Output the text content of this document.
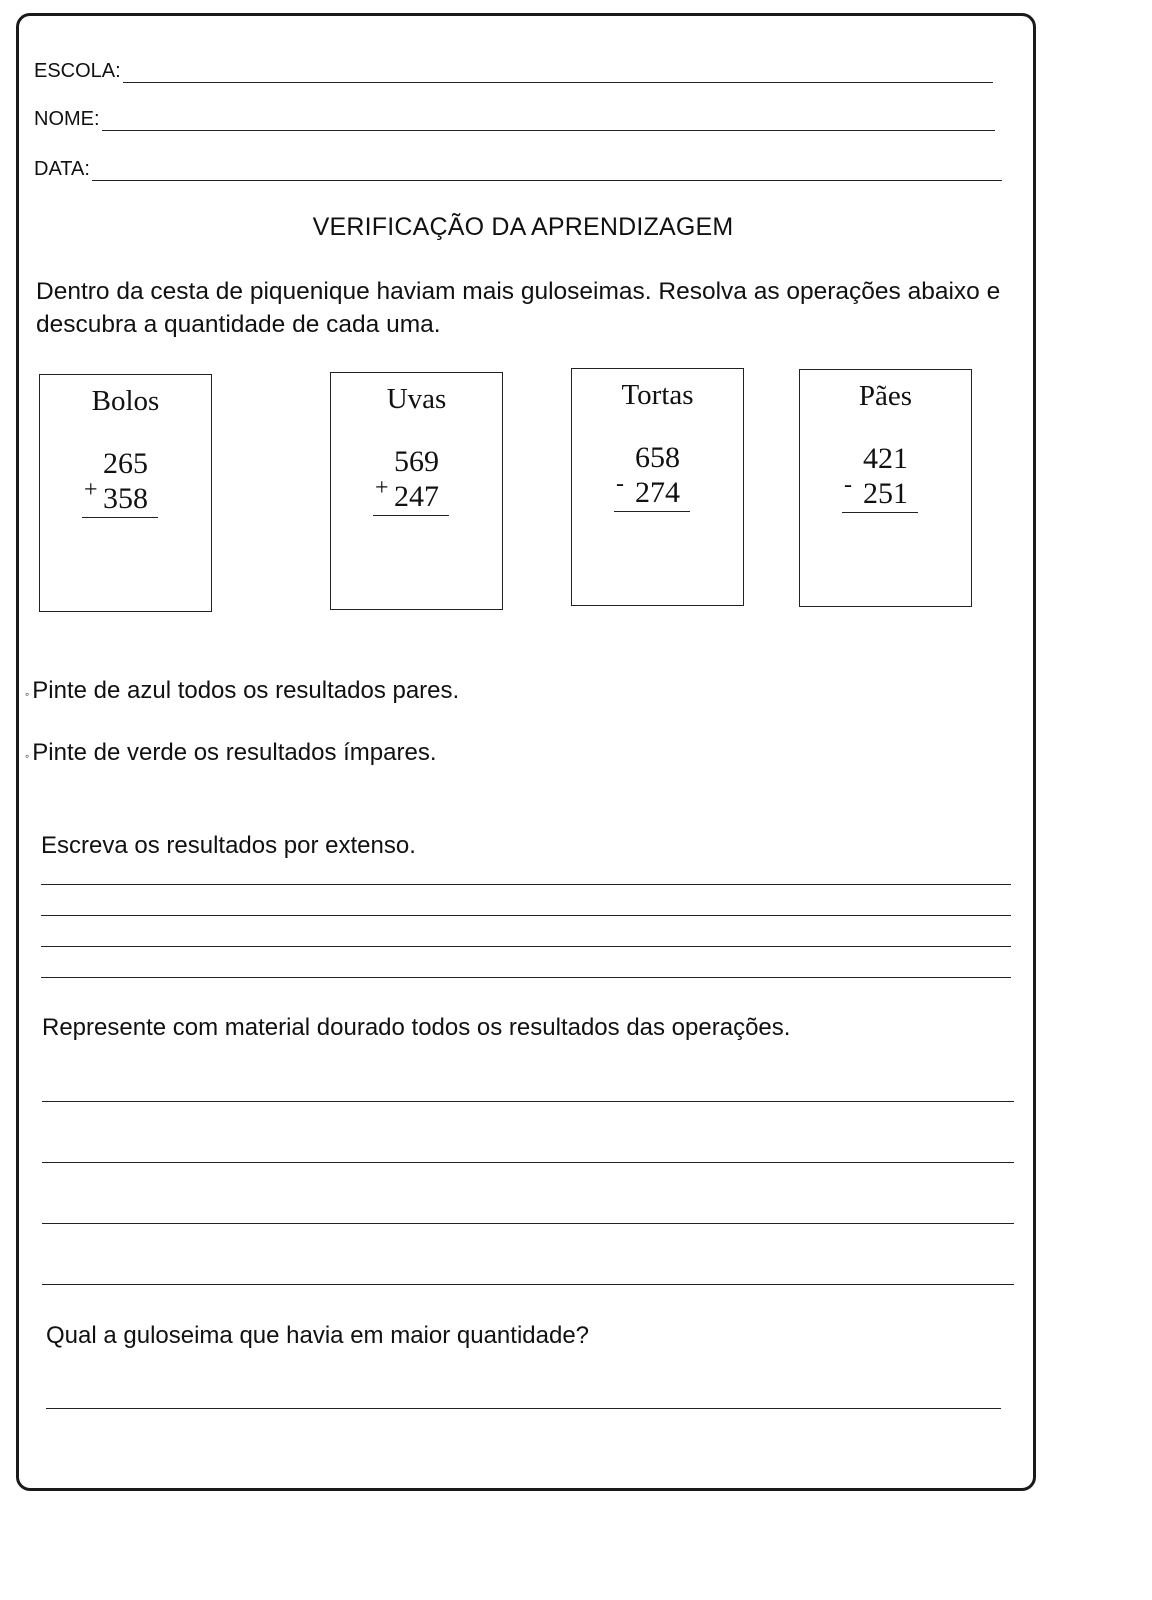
ESCOLA:
NOME:
DATA:
VERIFICAÇÃO DA APRENDIZAGEM
Dentro da cesta de piquenique haviam mais guloseimas. Resolva as operações abaixo e descubra a quantidade de cada uma.
Bolos
265
+ 358
Uvas
569
+ 247
Tortas
658
- 274
Pães
421
- 251
◦ Pinte de azul todos os resultados pares.
◦ Pinte de verde os resultados ímpares.
Escreva os resultados por extenso.
Represente com material dourado todos os resultados das operações.
Qual a guloseima que havia em maior quantidade?
